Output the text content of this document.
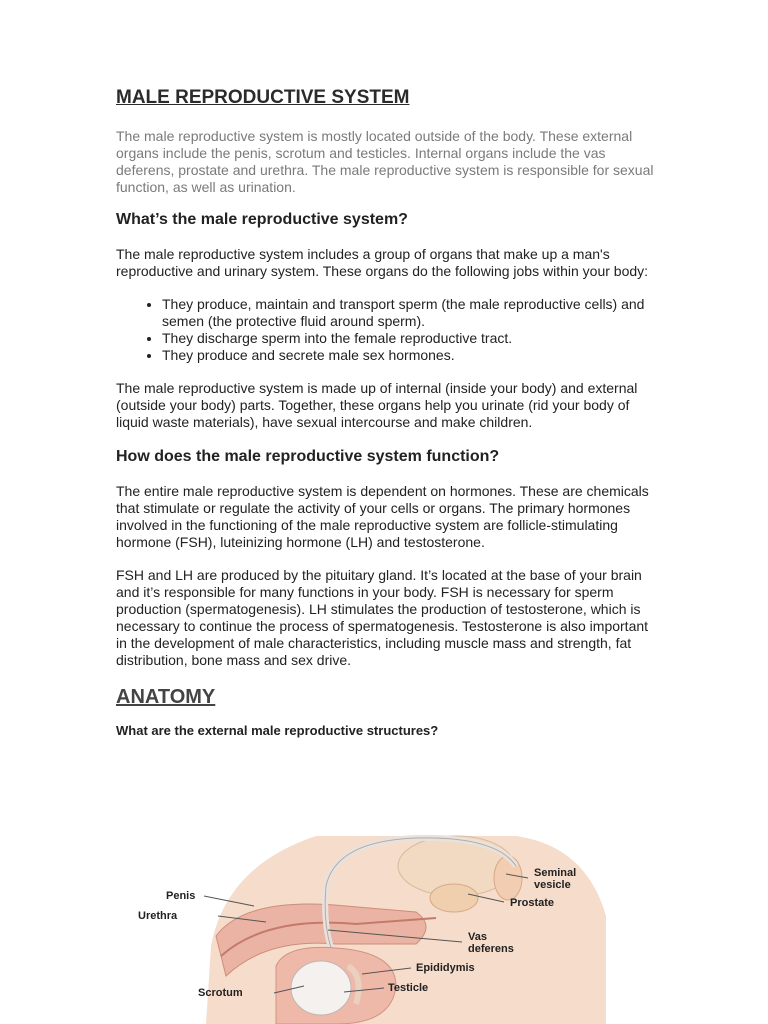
MALE REPRODUCTIVE SYSTEM

The male reproductive system is mostly located outside of the body. These external organs include the penis, scrotum and testicles. Internal organs include the vas deferens, prostate and urethra. The male reproductive system is responsible for sexual function, as well as urination.

What’s the male reproductive system?

The male reproductive system includes a group of organs that make up a man's reproductive and urinary system. These organs do the following jobs within your body:

• They produce, maintain and transport sperm (the male reproductive cells) and semen (the protective fluid around sperm).
• They discharge sperm into the female reproductive tract.
• They produce and secrete male sex hormones.

The male reproductive system is made up of internal (inside your body) and external (outside your body) parts. Together, these organs help you urinate (rid your body of liquid waste materials), have sexual intercourse and make children.

How does the male reproductive system function?

The entire male reproductive system is dependent on hormones. These are chemicals that stimulate or regulate the activity of your cells or organs. The primary hormones involved in the functioning of the male reproductive system are follicle-stimulating hormone (FSH), luteinizing hormone (LH) and testosterone.

FSH and LH are produced by the pituitary gland. It’s located at the base of your brain and it’s responsible for many functions in your body. FSH is necessary for sperm production (spermatogenesis). LH stimulates the production of testosterone, which is necessary to continue the process of spermatogenesis. Testosterone is also important in the development of male characteristics, including muscle mass and strength, fat distribution, bone mass and sex drive.

ANATOMY
What are the external male reproductive structures?
Penis
Urethra
Scrotum
Seminal
vesicle
Prostate
Vas
deferens
Epididymis
Testicle
